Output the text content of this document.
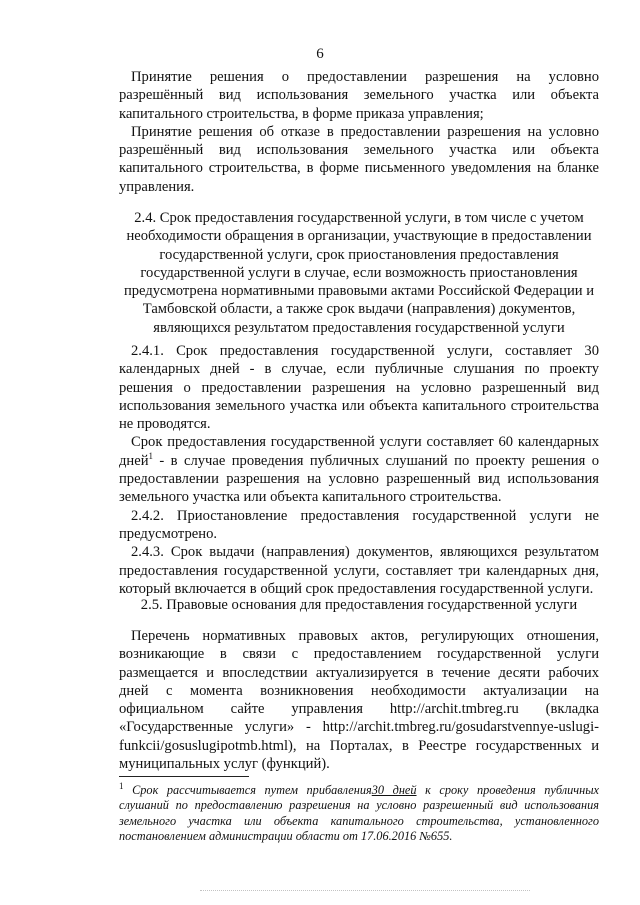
6

Принятие решения о предоставлении разрешения на условно разрешённый вид использования земельного участка или объекта капитального строительства, в форме приказа управления;

Принятие решения об отказе в предоставлении разрешения на условно разрешённый вид использования земельного участка или объекта капитального строительства, в форме письменного уведомления на бланке управления.

2.4. Срок предоставления государственной услуги, в том числе с учетом необходимости обращения в организации, участвующие в предоставлении государственной услуги, срок приостановления предоставления государственной услуги в случае, если возможность приостановления предусмотрена нормативными правовыми актами Российской Федерации и Тамбовской области, а также срок выдачи (направления) документов, являющихся результатом предоставления государственной услуги

2.4.1. Срок предоставления государственной услуги, составляет 30 календарных дней - в случае, если публичные слушания по проекту решения о предоставлении разрешения на условно разрешенный вид использования земельного участка или объекта капитального строительства не проводятся.

Срок предоставления государственной услуги составляет 60 календарных дней$^1$ - в случае проведения публичных слушаний по проекту решения о предоставлении разрешения на условно разрешенный вид использования земельного участка или объекта капитального строительства.

2.4.2. Приостановление предоставления государственной услуги не предусмотрено.

2.4.3. Срок выдачи (направления) документов, являющихся результатом предоставления государственной услуги, составляет три календарных дня, который включается в общий срок предоставления государственной услуги.

2.5. Правовые основания для предоставления государственной услуги

Перечень нормативных правовых актов, регулирующих отношения, возникающие в связи с предоставлением государственной услуги размещается и впоследствии актуализируется в течение десяти рабочих дней с момента возникновения необходимости актуализации на официальном сайте управления http://archit.tmbreg.ru (вкладка «Государственные услуги» - http://archit.tmbreg.ru/gosudarstvennye-uslugi-funkcii/gosuslugipotmb.html), на Порталах, в Реестре государственных и муниципальных услуг (функций).

$^1$ Срок рассчитывается путем прибавления30 дней к сроку проведения публичных слушаний по предоставлению разрешения на условно разрешенный вид использования земельного участка или объекта капитального строительства, установленного постановлением администрации области от 17.06.2016 №655.
